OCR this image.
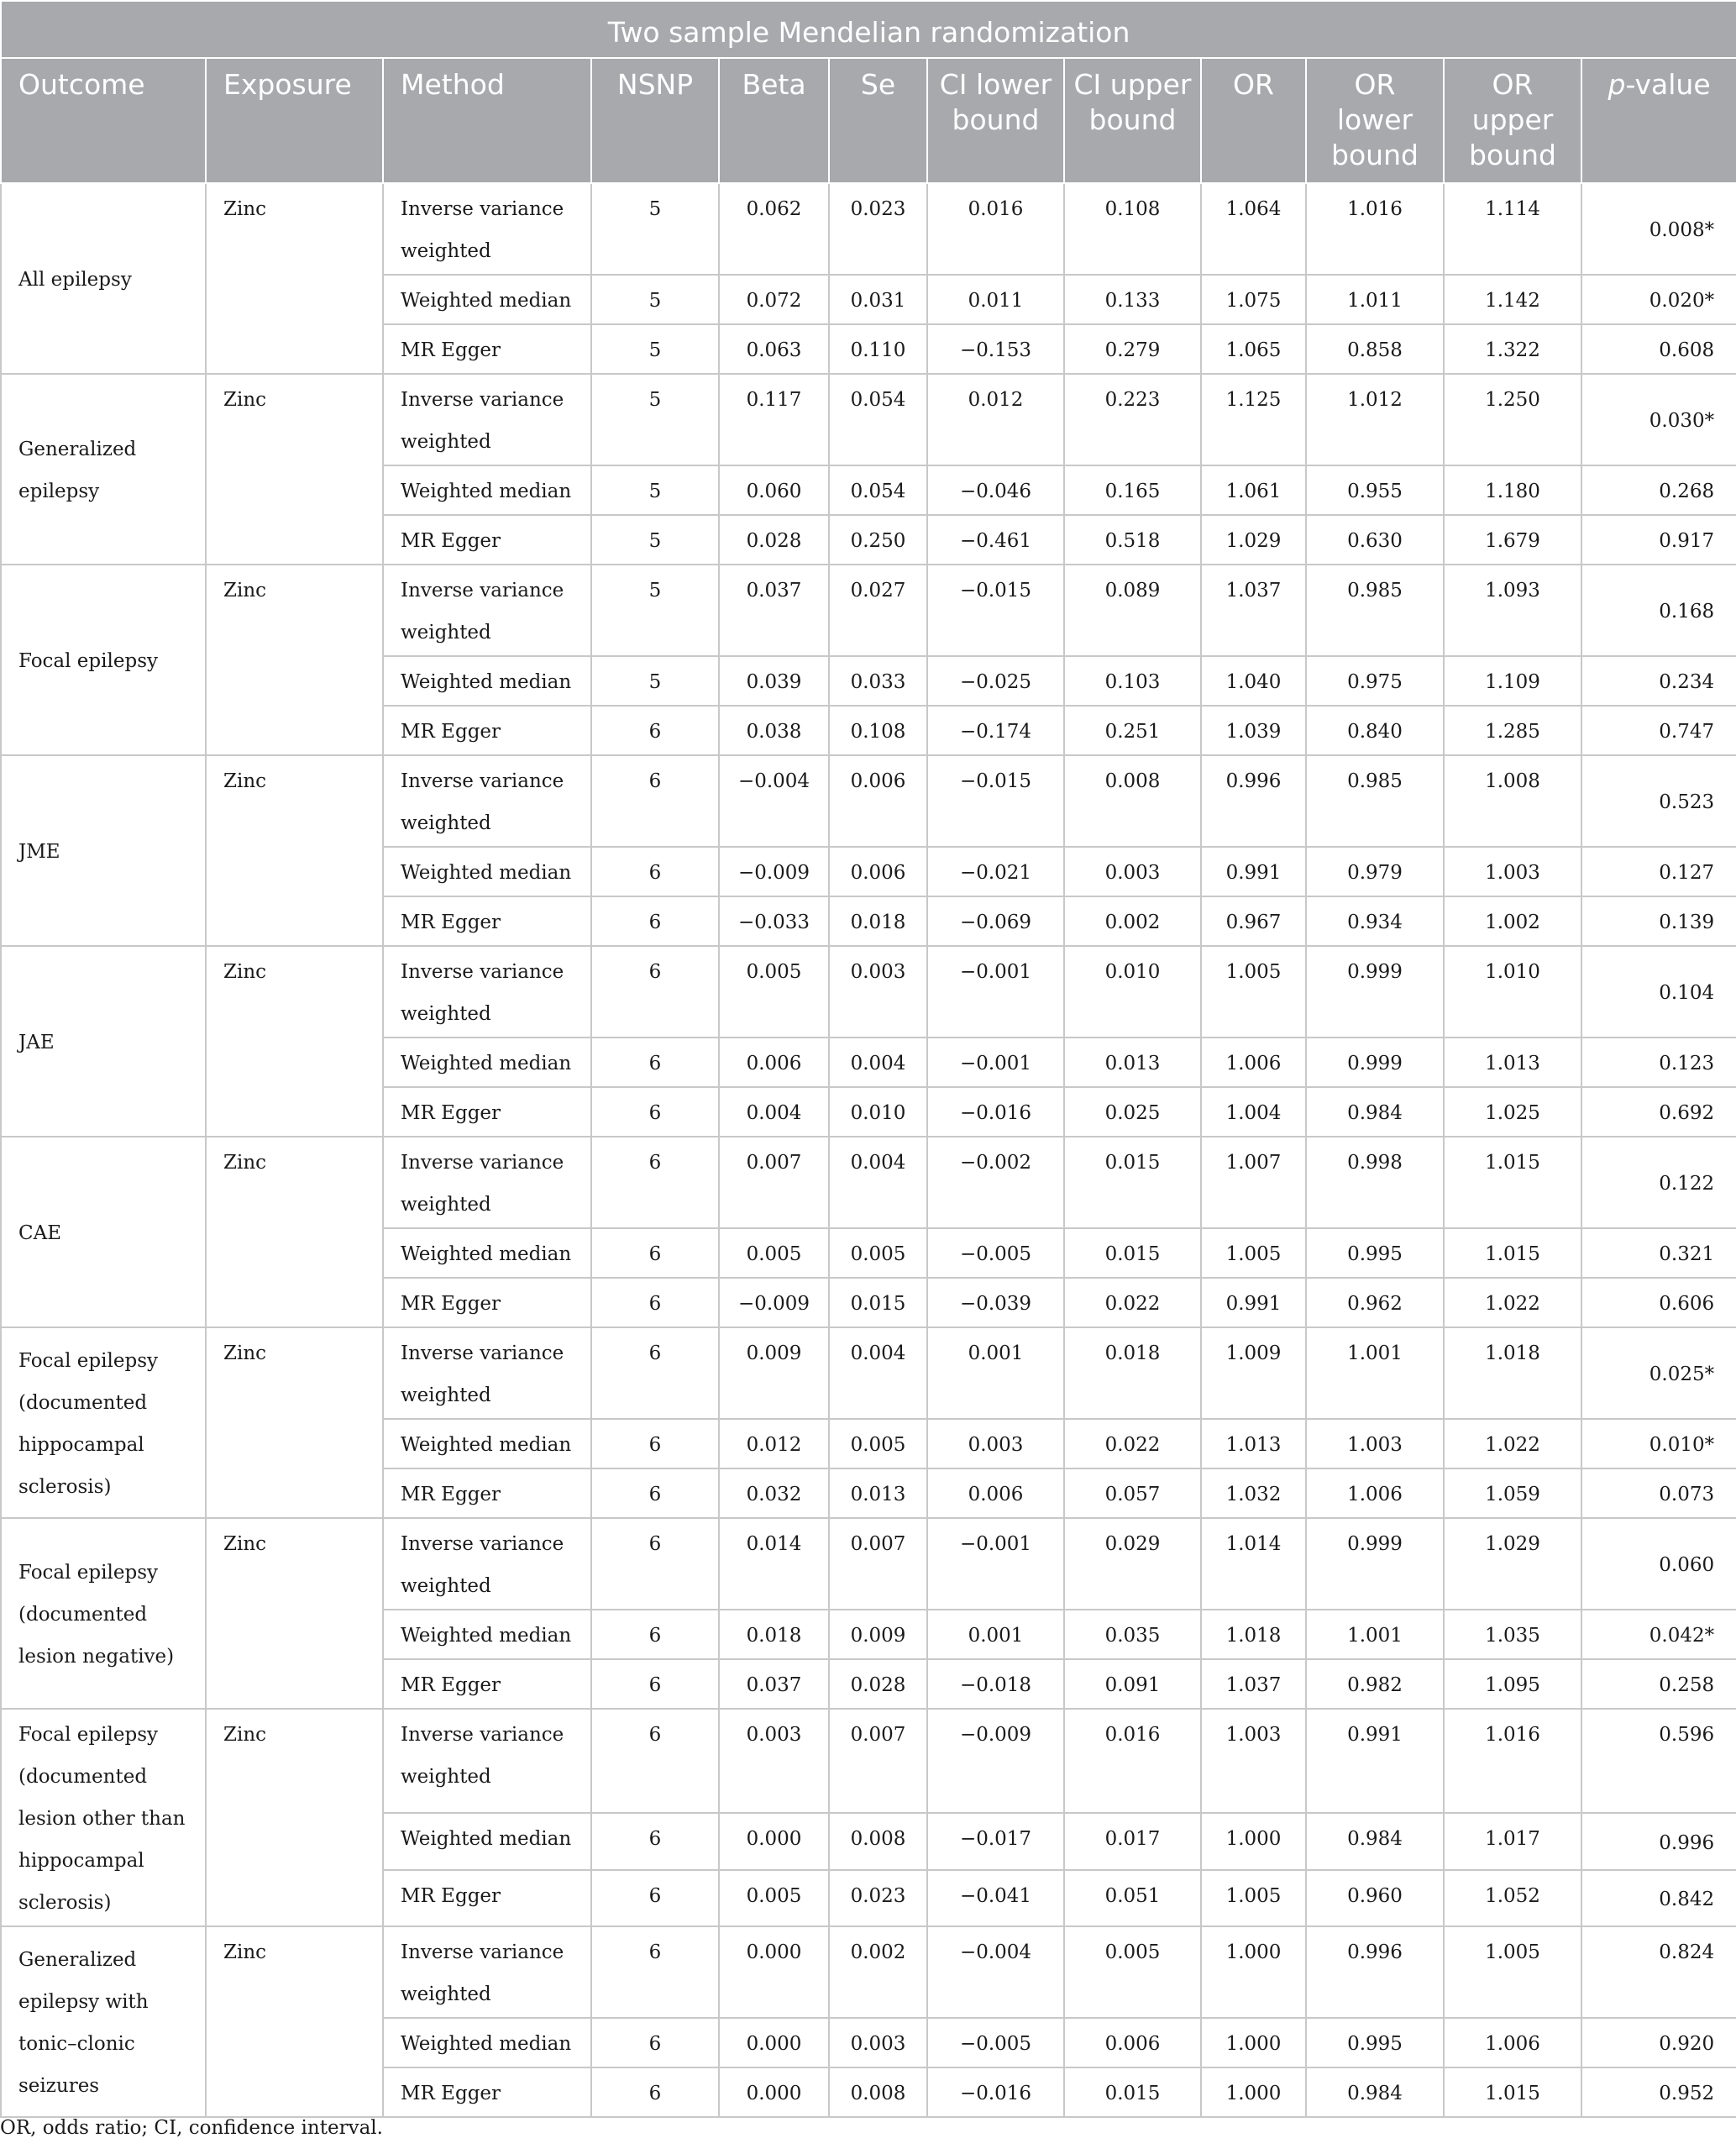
Two sample Mendelian randomization											
Outcome	Exposure	Method	NSNP	Beta	Se	CI lower bound	CI upper bound	OR	OR lower bound	OR upper bound	p-value
All epilepsy	Zinc	Inverse variance weighted	5	0.062	0.023	0.016	0.108	1.064	1.016	1.114	0.008*
		Weighted median	5	0.072	0.031	0.011	0.133	1.075	1.011	1.142	0.020*
		MR Egger	5	0.063	0.110	−0.153	0.279	1.065	0.858	1.322	0.608
Generalized epilepsy	Zinc	Inverse variance weighted	5	0.117	0.054	0.012	0.223	1.125	1.012	1.250	0.030*
		Weighted median	5	0.060	0.054	−0.046	0.165	1.061	0.955	1.180	0.268
		MR Egger	5	0.028	0.250	−0.461	0.518	1.029	0.630	1.679	0.917
Focal epilepsy	Zinc	Inverse variance weighted	5	0.037	0.027	−0.015	0.089	1.037	0.985	1.093	0.168
		Weighted median	5	0.039	0.033	−0.025	0.103	1.040	0.975	1.109	0.234
		MR Egger	6	0.038	0.108	−0.174	0.251	1.039	0.840	1.285	0.747
JME	Zinc	Inverse variance weighted	6	−0.004	0.006	−0.015	0.008	0.996	0.985	1.008	0.523
		Weighted median	6	−0.009	0.006	−0.021	0.003	0.991	0.979	1.003	0.127
		MR Egger	6	−0.033	0.018	−0.069	0.002	0.967	0.934	1.002	0.139
JAE	Zinc	Inverse variance weighted	6	0.005	0.003	−0.001	0.010	1.005	0.999	1.010	0.104
		Weighted median	6	0.006	0.004	−0.001	0.013	1.006	0.999	1.013	0.123
		MR Egger	6	0.004	0.010	−0.016	0.025	1.004	0.984	1.025	0.692
CAE	Zinc	Inverse variance weighted	6	0.007	0.004	−0.002	0.015	1.007	0.998	1.015	0.122
		Weighted median	6	0.005	0.005	−0.005	0.015	1.005	0.995	1.015	0.321
		MR Egger	6	−0.009	0.015	−0.039	0.022	0.991	0.962	1.022	0.606
Focal epilepsy (documented hippocampal sclerosis)	Zinc	Inverse variance weighted	6	0.009	0.004	0.001	0.018	1.009	1.001	1.018	0.025*
		Weighted median	6	0.012	0.005	0.003	0.022	1.013	1.003	1.022	0.010*
		MR Egger	6	0.032	0.013	0.006	0.057	1.032	1.006	1.059	0.073
Focal epilepsy (documented lesion negative)	Zinc	Inverse variance weighted	6	0.014	0.007	−0.001	0.029	1.014	0.999	1.029	0.060
		Weighted median	6	0.018	0.009	0.001	0.035	1.018	1.001	1.035	0.042*
		MR Egger	6	0.037	0.028	−0.018	0.091	1.037	0.982	1.095	0.258
Focal epilepsy (documented lesion other than hippocampal sclerosis)	Zinc	Inverse variance weighted	6	0.003	0.007	−0.009	0.016	1.003	0.991	1.016	0.596
		Weighted median	6	0.000	0.008	−0.017	0.017	1.000	0.984	1.017	0.996
		MR Egger	6	0.005	0.023	−0.041	0.051	1.005	0.960	1.052	0.842
Generalized epilepsy with tonic–clonic seizures	Zinc	Inverse variance weighted	6	0.000	0.002	−0.004	0.005	1.000	0.996	1.005	0.824
		Weighted median	6	0.000	0.003	−0.005	0.006	1.000	0.995	1.006	0.920
		MR Egger	6	0.000	0.008	−0.016	0.015	1.000	0.984	1.015	0.952
OR, odds ratio; CI, confidence interval.
